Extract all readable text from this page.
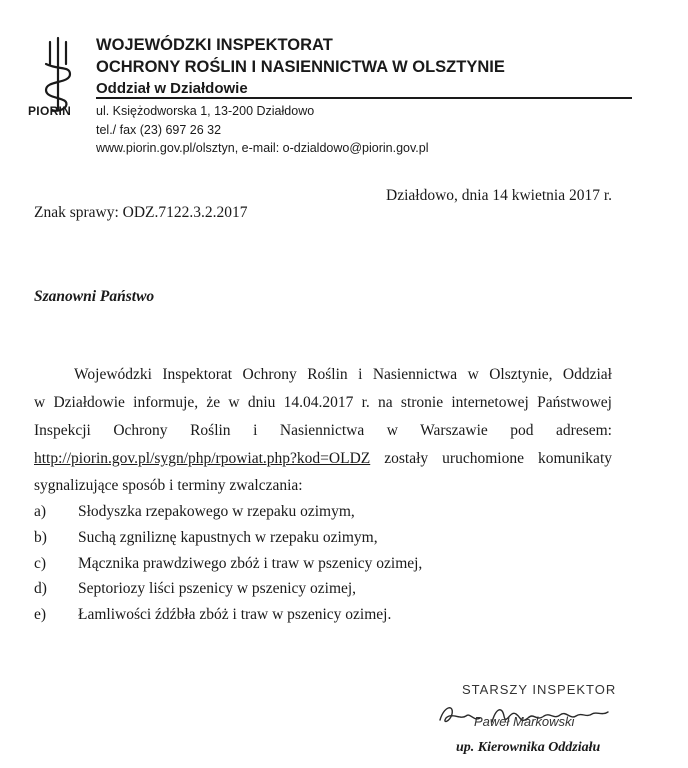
PIORIN
WOJEWÓDZKI INSPEKTORAT
OCHRONY ROŚLIN I NASIENNICTWA W OLSZTYNIE
Oddział w Działdowie
ul. Księżodworska 1, 13-200 Działdowo
tel./ fax (23) 697 26 32
www.piorin.gov.pl/olsztyn, e-mail: o-dzialdowo@piorin.gov.pl
Działdowo, dnia 14 kwietnia 2017 r.
Znak sprawy: ODZ.7122.3.2.2017
Szanowni Państwo
Wojewódzki Inspektorat Ochrony Roślin i Nasiennictwa w Olsztynie, Oddział
w Działdowie informuje, że w dniu 14.04.2017 r. na stronie internetowej Państwowej
Inspekcji Ochrony Roślin i Nasiennictwa w Warszawie pod adresem:
http://piorin.gov.pl/sygn/php/rpowiat.php?kod=OLDZ zostały uruchomione komunikaty
sygnalizujące sposób i terminy zwalczania:
a) Słodyszka rzepakowego w rzepaku ozimym,
b) Suchą zgniliznę kapustnych w rzepaku ozimym,
c) Mącznika prawdziwego zbóż i traw w pszenicy ozimej,
d) Septoriozy liści pszenicy w pszenicy ozimej,
e) Łamliwości źdźbła zbóż i traw w pszenicy ozimej.
STARSZY INSPEKTOR
Paweł Markowski
up. Kierownika Oddziału
